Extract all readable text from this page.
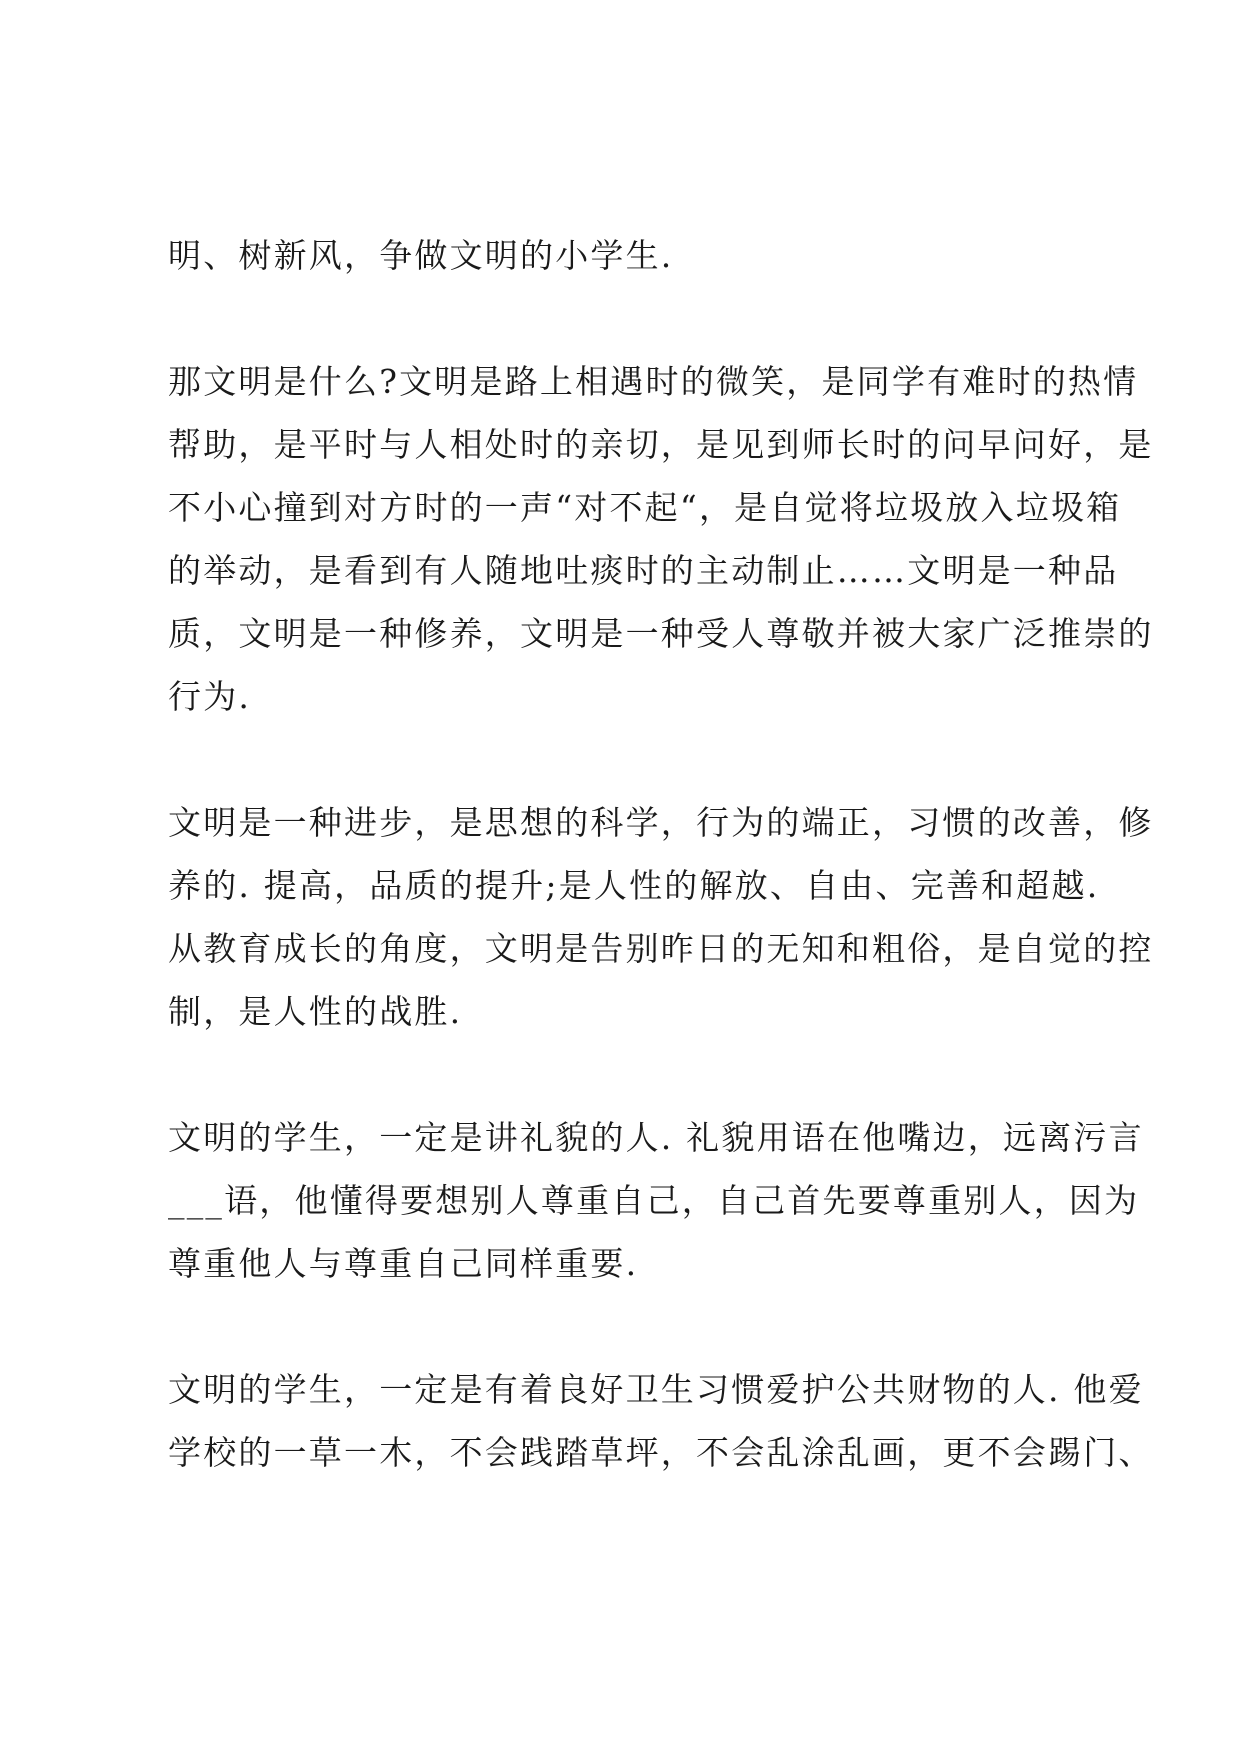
明、树新风，争做文明的小学生.

那文明是什么?文明是路上相遇时的微笑，是同学有难时的热情
帮助，是平时与人相处时的亲切，是见到师长时的问早问好，是
不小心撞到对方时的一声“对不起“，是自觉将垃圾放入垃圾箱
的举动，是看到有人随地吐痰时的主动制止……文明是一种品
质，文明是一种修养，文明是一种受人尊敬并被大家广泛推崇的
行为.

文明是一种进步，是思想的科学，行为的端正，习惯的改善，修
养的. 提高，品质的提升;是人性的解放、自由、完善和超越.
从教育成长的角度，文明是告别昨日的无知和粗俗，是自觉的控
制，是人性的战胜.

文明的学生，一定是讲礼貌的人. 礼貌用语在他嘴边，远离污言
___语，他懂得要想别人尊重自己，自己首先要尊重别人，因为
尊重他人与尊重自己同样重要.

文明的学生，一定是有着良好卫生习惯爱护公共财物的人. 他爱
学校的一草一木，不会践踏草坪，不会乱涂乱画，更不会踢门、
